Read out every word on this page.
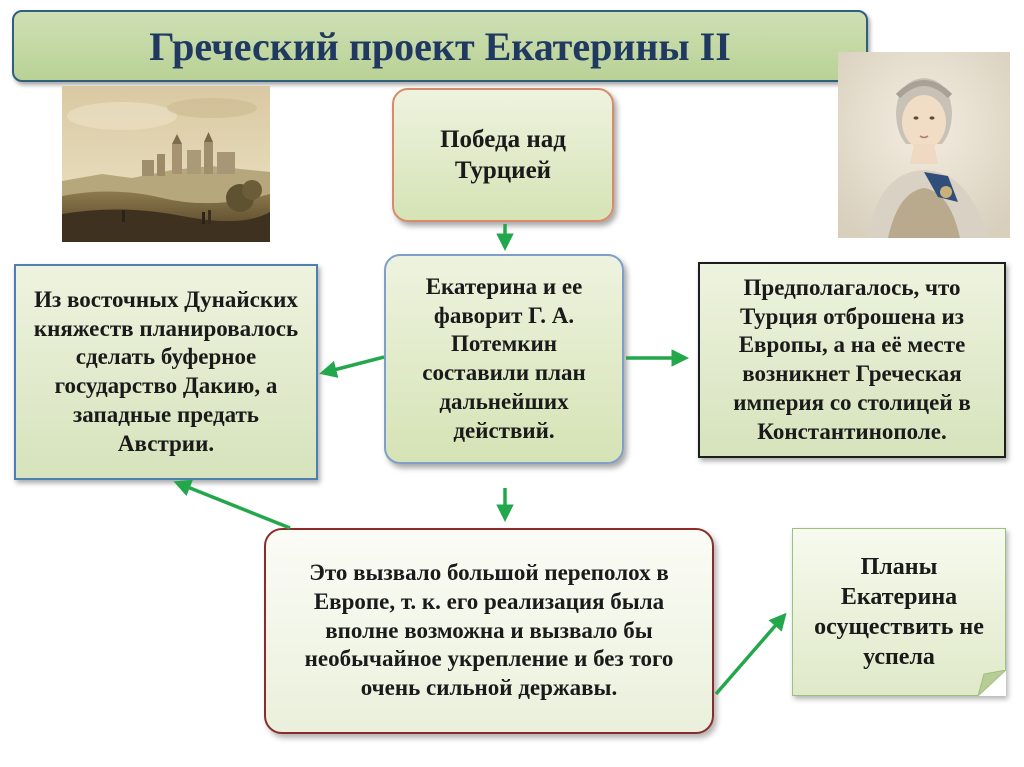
Греческий проект Екатерины II
Победа над Турцией
Екатерина и ее фаворит Г. А. Потемкин составили план дальнейших действий.
Из восточных Дунайских княжеств планировалось сделать буферное государство Дакию, а западные предать Австрии.
Предполагалось, что Турция отброшена из Европы, а на её месте возникнет Греческая империя со столицей в Константинополе.
Это вызвало большой переполох в Европе, т. к. его реализация была вполне возможна и вызвало бы необычайное укрепление и без того очень сильной державы.
Планы Екатерина осуществить не успела
